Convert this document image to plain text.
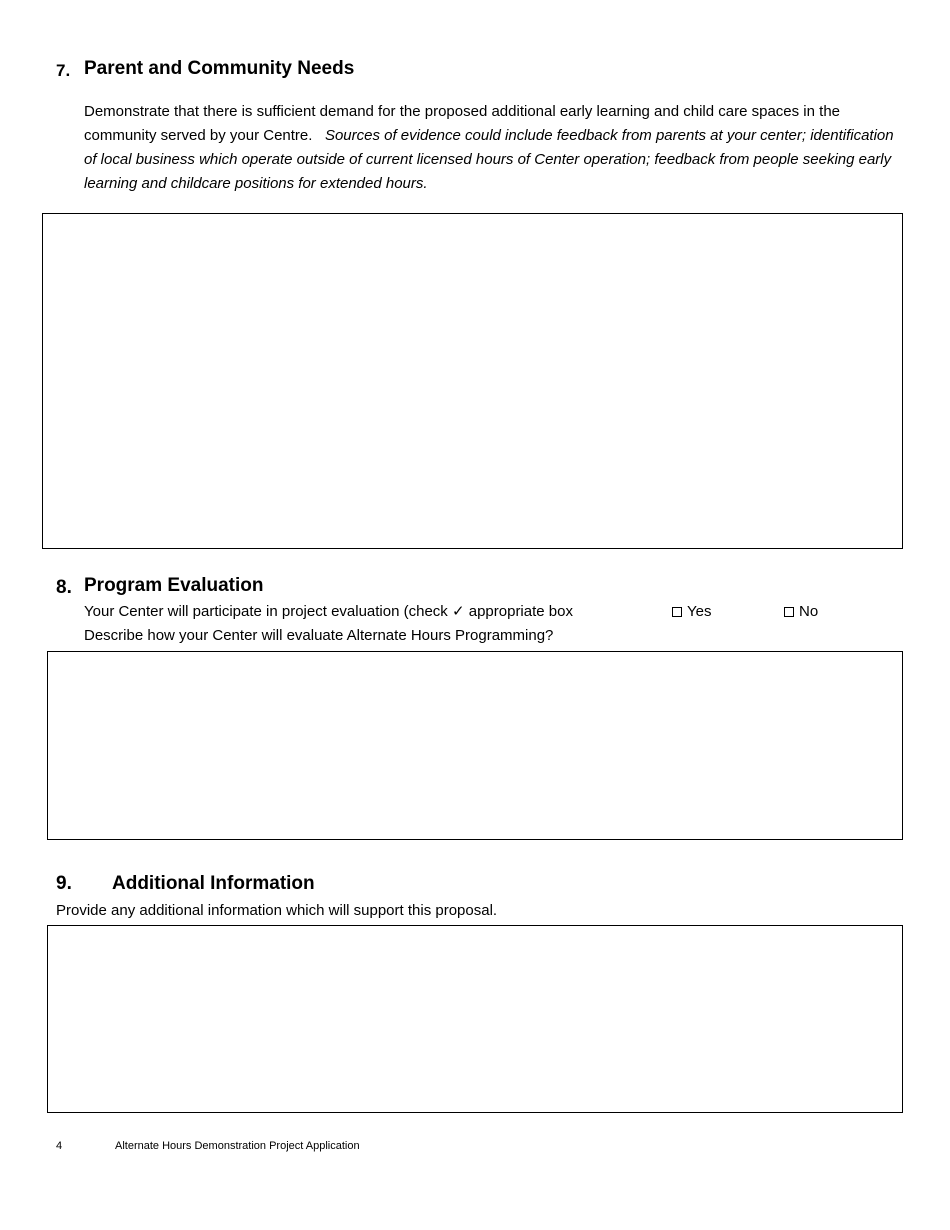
7. Parent and Community Needs
Demonstrate that there is sufficient demand for the proposed additional early learning and child care spaces in the community served by your Centre. Sources of evidence could include feedback from parents at your center; identification of local business which operate outside of current licensed hours of Center operation; feedback from people seeking early learning and childcare positions for extended hours.
8. Program Evaluation
Your Center will participate in project evaluation (check ✓ appropriate box	Yes	No
Describe how your Center will evaluate Alternate Hours Programming?
9. Additional Information
Provide any additional information which will support this proposal.
4	Alternate Hours Demonstration Project Application
